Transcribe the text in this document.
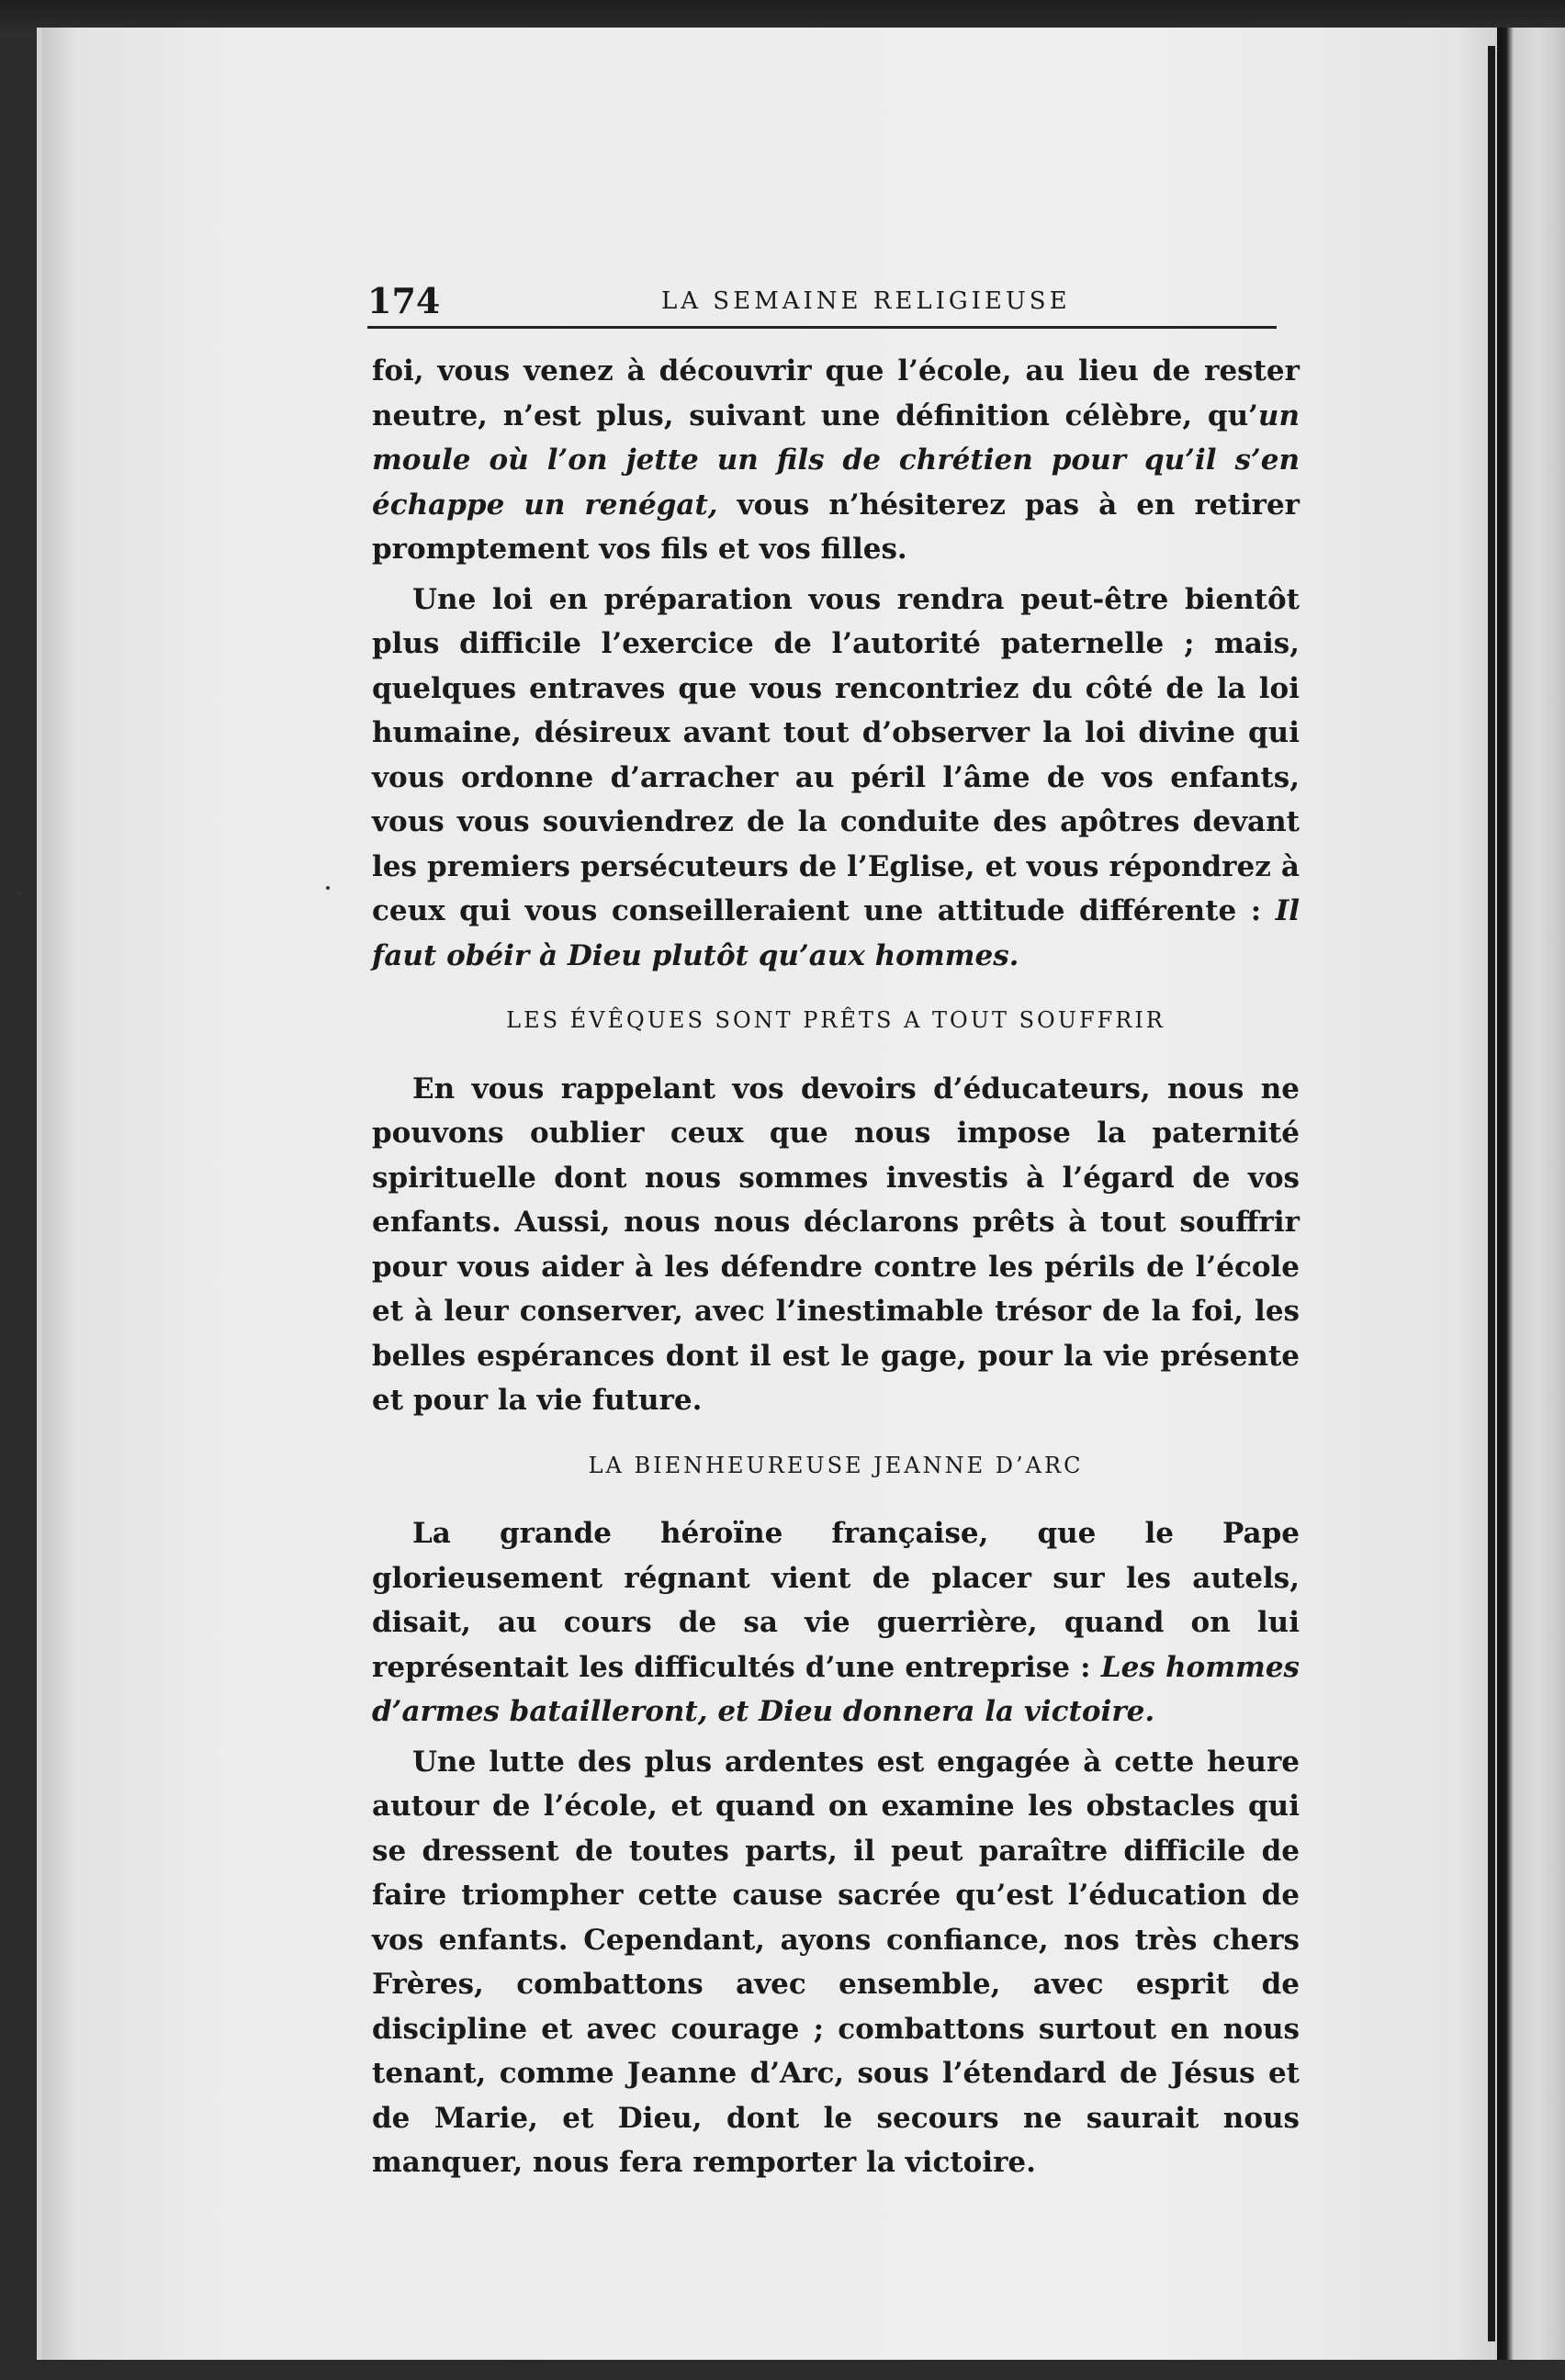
174	LA SEMAINE RELIGIEUSE

foi, vous venez à découvrir que l’école, au lieu de rester neutre, n’est plus, suivant une définition célèbre, qu’un moule où l’on jette un fils de chrétien pour qu’il s’en échappe un renégat, vous n’hésiterez pas à en retirer promptement vos fils et vos filles.

Une loi en préparation vous rendra peut-être bientôt plus difficile l’exercice de l’autorité paternelle ; mais, quelques entraves que vous rencontriez du côté de la loi humaine, désireux avant tout d’observer la loi divine qui vous ordonne d’arracher au péril l’âme de vos enfants, vous vous souviendrez de la conduite des apôtres devant les premiers persécuteurs de l’Eglise, et vous répondrez à ceux qui vous conseilleraient une attitude différente : Il faut obéir à Dieu plutôt qu’aux hommes.

LES ÉVÊQUES SONT PRÊTS A TOUT SOUFFRIR

En vous rappelant vos devoirs d’éducateurs, nous ne pouvons oublier ceux que nous impose la paternité spirituelle dont nous sommes investis à l’égard de vos enfants. Aussi, nous nous déclarons prêts à tout souffrir pour vous aider à les défendre contre les périls de l’école et à leur conserver, avec l’inestimable trésor de la foi, les belles espérances dont il est le gage, pour la vie présente et pour la vie future.

LA BIENHEUREUSE JEANNE D’ARC

La grande héroïne française, que le Pape glorieusement régnant vient de placer sur les autels, disait, au cours de sa vie guerrière, quand on lui représentait les difficultés d’une entreprise : Les hommes d’armes batailleront, et Dieu donnera la victoire.

Une lutte des plus ardentes est engagée à cette heure autour de l’école, et quand on examine les obstacles qui se dressent de toutes parts, il peut paraître difficile de faire triompher cette cause sacrée qu’est l’éducation de vos enfants. Cependant, ayons confiance, nos très chers Frères, combattons avec ensemble, avec esprit de discipline et avec courage ; combattons surtout en nous tenant, comme Jeanne d’Arc, sous l’étendard de Jésus et de Marie, et Dieu, dont le secours ne saurait nous manquer, nous fera remporter la victoire.
